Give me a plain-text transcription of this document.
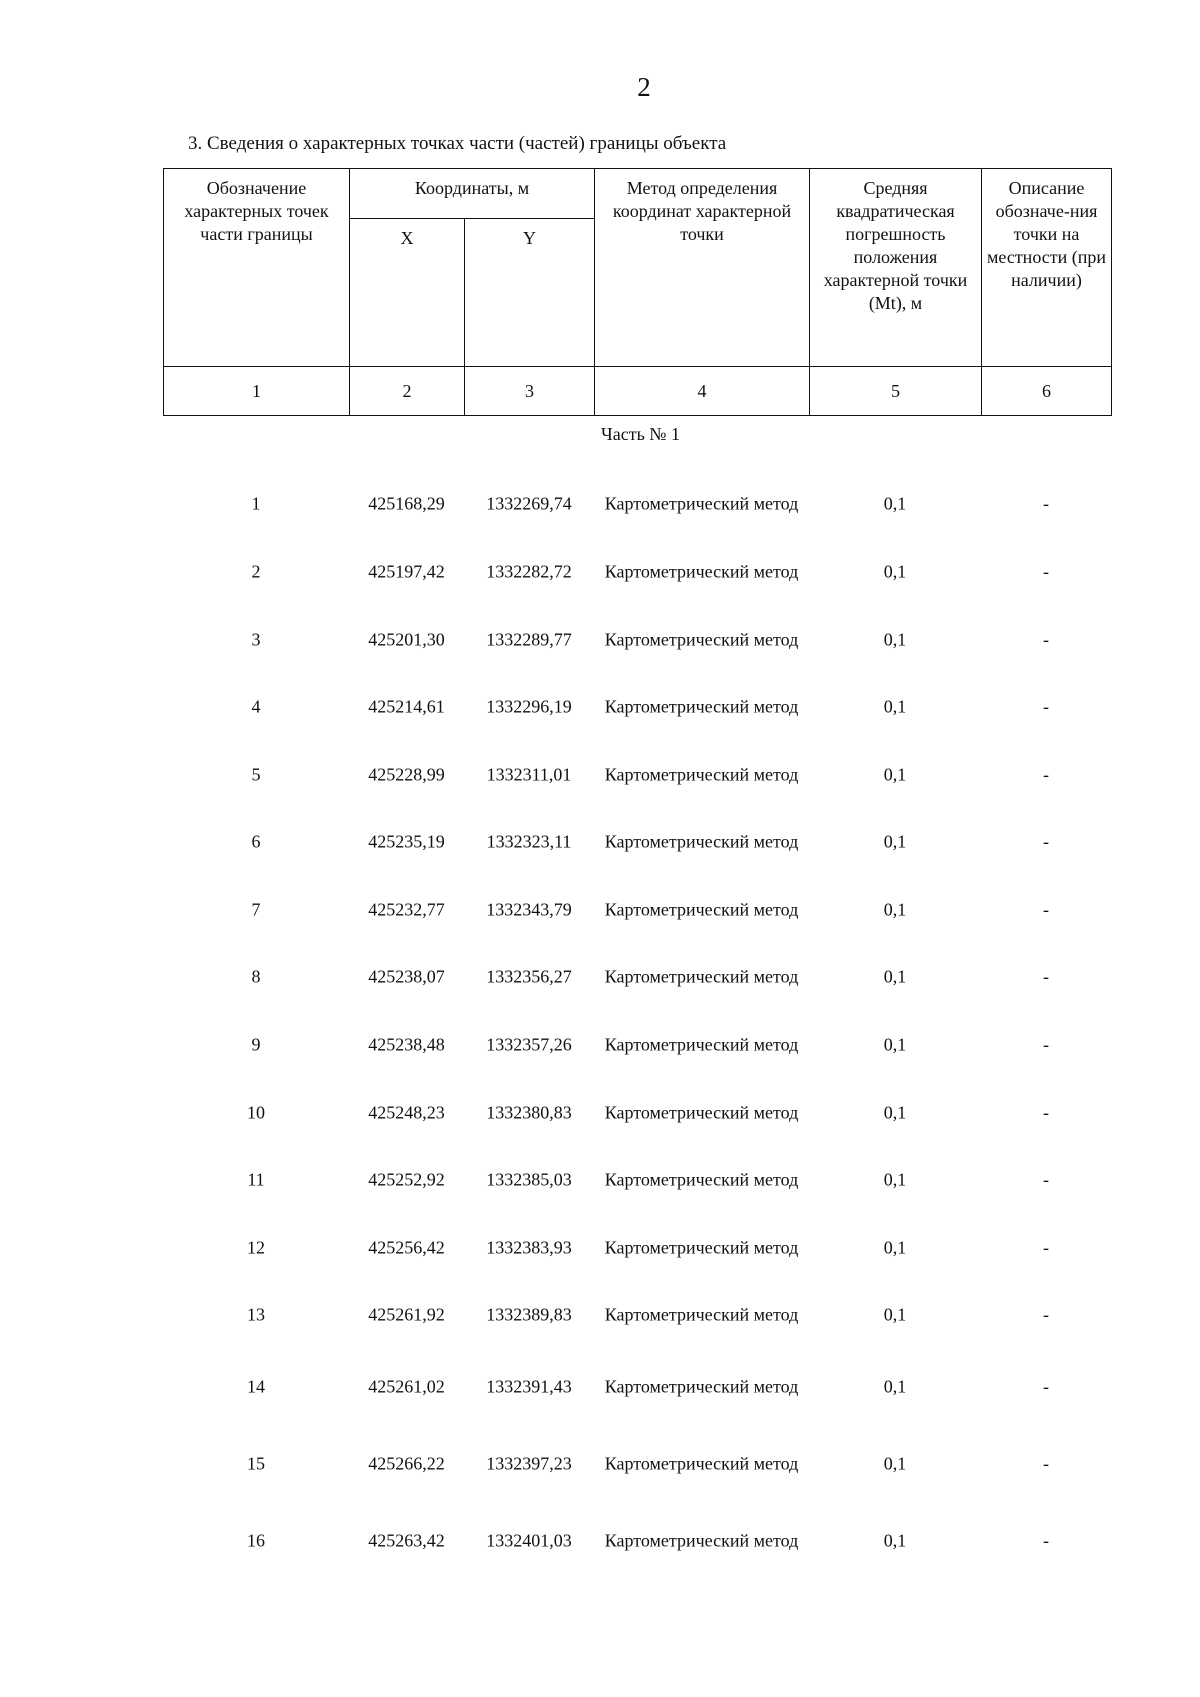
2
3. Сведения о характерных точках части (частей) границы объекта
Обозначение характерных точек части границы	Координаты, м		Метод определения координат характерной точки	Средняя квадратическая погрешность положения характерной точки (Mt), м	Описание обозначе-ния точки на местности (при наличии)
	X	Y			
1	2	3	4	5	6
Часть № 1
1	425168,29	1332269,74	Картометрический метод	0,1	-
2	425197,42	1332282,72	Картометрический метод	0,1	-
3	425201,30	1332289,77	Картометрический метод	0,1	-
4	425214,61	1332296,19	Картометрический метод	0,1	-
5	425228,99	1332311,01	Картометрический метод	0,1	-
6	425235,19	1332323,11	Картометрический метод	0,1	-
7	425232,77	1332343,79	Картометрический метод	0,1	-
8	425238,07	1332356,27	Картометрический метод	0,1	-
9	425238,48	1332357,26	Картометрический метод	0,1	-
10	425248,23	1332380,83	Картометрический метод	0,1	-
11	425252,92	1332385,03	Картометрический метод	0,1	-
12	425256,42	1332383,93	Картометрический метод	0,1	-
13	425261,92	1332389,83	Картометрический метод	0,1	-
14	425261,02	1332391,43	Картометрический метод	0,1	-
15	425266,22	1332397,23	Картометрический метод	0,1	-
16	425263,42	1332401,03	Картометрический метод	0,1	-
